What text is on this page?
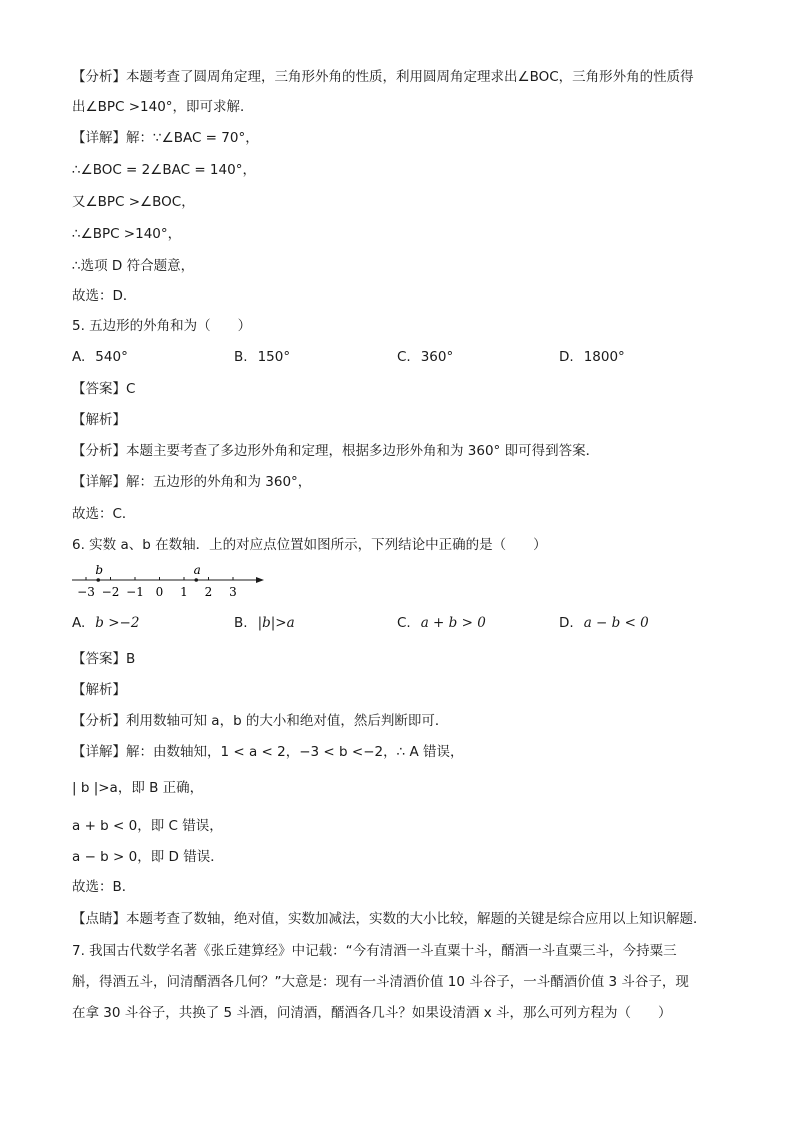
【分析】本题考查了圆周角定理，三角形外角的性质，利用圆周角定理求出∠BOC，三角形外角的性质得
出∠BPC >140°，即可求解．
【详解】解：∵∠BAC = 70°，
∴∠BOC = 2∠BAC = 140°，
又∠BPC >∠BOC，
∴∠BPC >140°，
∴选项 D 符合题意，
故选：D．
5. 五边形的外角和为（　　）
A. 540°	B. 150°	C. 360°	D. 1800°
【答案】C
【解析】
【分析】本题主要考查了多边形外角和定理，根据多边形外角和为 360° 即可得到答案．
【详解】解：五边形的外角和为 360°，
故选：C．
6. 实数 a、b 在数轴．上的对应点位置如图所示，下列结论中正确的是（　　）
−3 −2 −1 0 1 2 3
b	a
A. b >−2	B. |b|>a	C. a + b > 0	D. a − b < 0
【答案】B
【解析】
【分析】利用数轴可知 a，b 的大小和绝对值，然后判断即可．
【详解】解：由数轴知，1 < a < 2，−3 < b <−2，∴ A 错误，
| b |>a，即 B 正确，
a + b < 0，即 C 错误，
a − b > 0，即 D 错误．
故选：B．
【点睛】本题考查了数轴，绝对值，实数加减法，实数的大小比较，解题的关键是综合应用以上知识解题．
7. 我国古代数学名著《张丘建算经》中记载：“今有清酒一斗直粟十斗，醑酒一斗直粟三斗，今持粟三
斛，得酒五斗，问清醑酒各几何？”大意是：现有一斗清酒价值 10 斗谷子，一斗醑酒价值 3 斗谷子，现
在拿 30 斗谷子，共换了 5 斗酒，问清酒，醑酒各几斗？如果设清酒 x 斗，那么可列方程为（　　）
